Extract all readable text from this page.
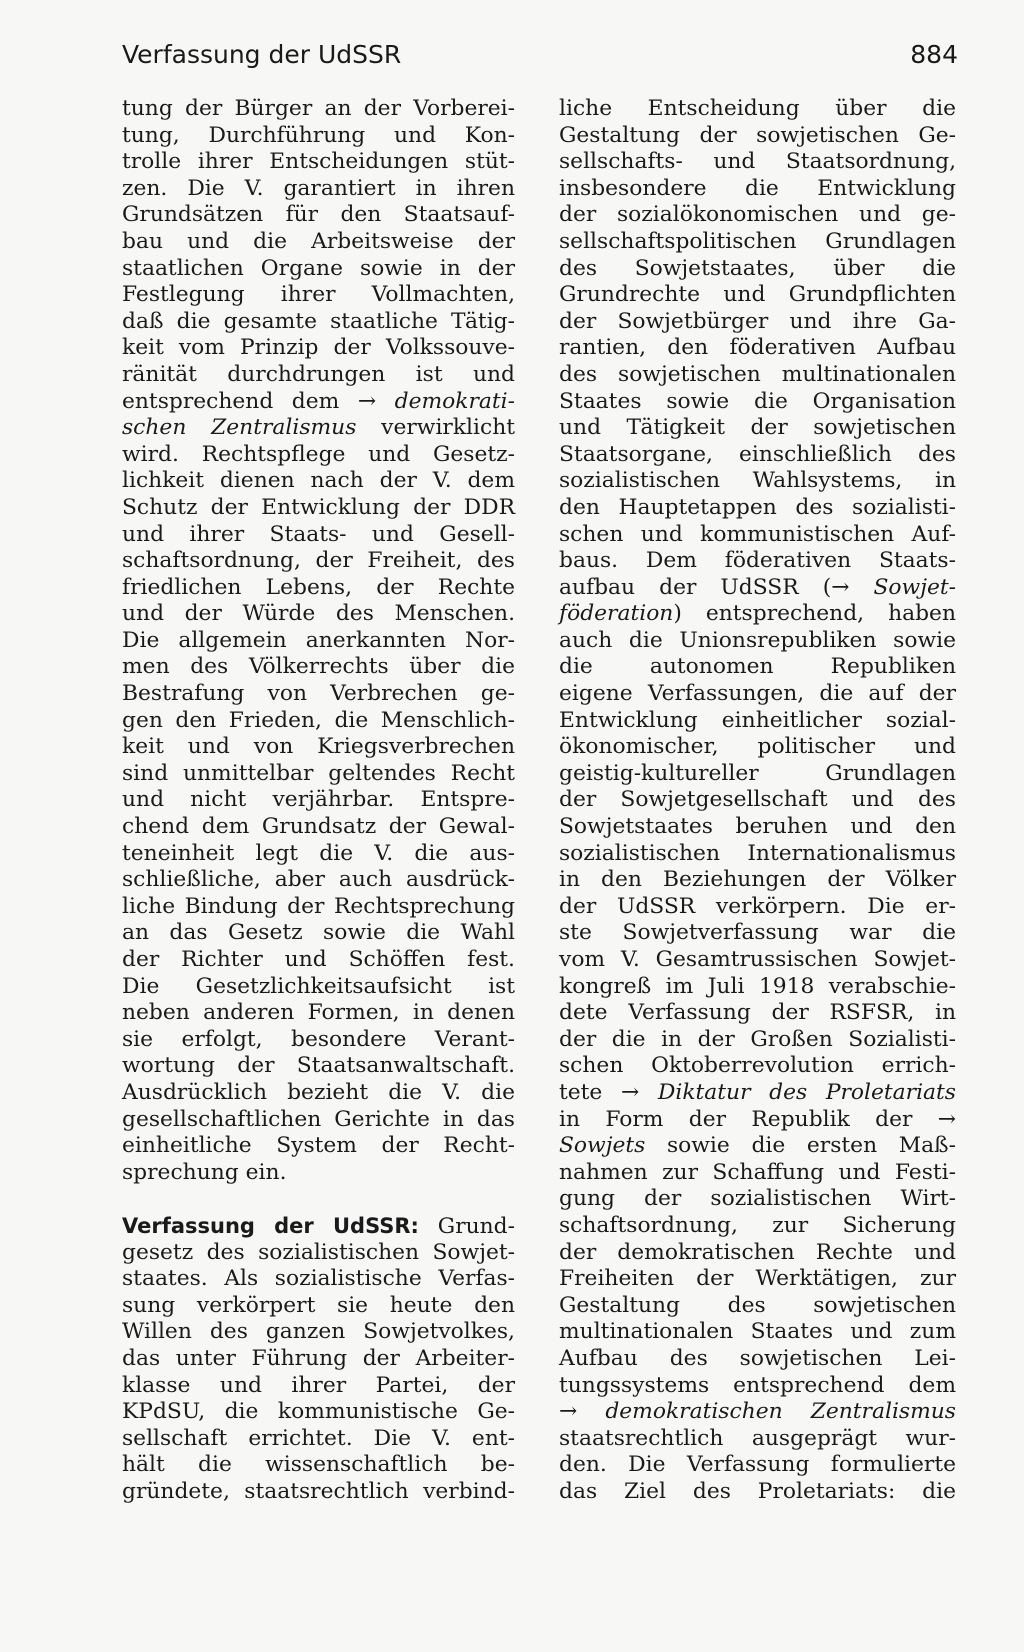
Verfassung der UdSSR	884
tung der Bürger an der Vorberei-
tung, Durchführung und Kon-
trolle ihrer Entscheidungen stüt-
zen. Die V. garantiert in ihren
Grundsätzen für den Staatsauf-
bau und die Arbeitsweise der
staatlichen Organe sowie in der
Festlegung ihrer Vollmachten,
daß die gesamte staatliche Tätig-
keit vom Prinzip der Volkssouve-
ränität durchdrungen ist und
entsprechend dem → demokrati-
schen Zentralismus verwirklicht
wird. Rechtspflege und Gesetz-
lichkeit dienen nach der V. dem
Schutz der Entwicklung der DDR
und ihrer Staats- und Gesell-
schaftsordnung, der Freiheit, des
friedlichen Lebens, der Rechte
und der Würde des Menschen.
Die allgemein anerkannten Nor-
men des Völkerrechts über die
Bestrafung von Verbrechen ge-
gen den Frieden, die Menschlich-
keit und von Kriegsverbrechen
sind unmittelbar geltendes Recht
und nicht verjährbar. Entspre-
chend dem Grundsatz der Gewal-
teneinheit legt die V. die aus-
schließliche, aber auch ausdrück-
liche Bindung der Rechtsprechung
an das Gesetz sowie die Wahl
der Richter und Schöffen fest.
Die Gesetzlichkeitsaufsicht ist
neben anderen Formen, in denen
sie erfolgt, besondere Verant-
wortung der Staatsanwaltschaft.
Ausdrücklich bezieht die V. die
gesellschaftlichen Gerichte in das
einheitliche System der Recht-
sprechung ein.
Verfassung der UdSSR: Grund-
gesetz des sozialistischen Sowjet-
staates. Als sozialistische Verfas-
sung verkörpert sie heute den
Willen des ganzen Sowjetvolkes,
das unter Führung der Arbeiter-
klasse und ihrer Partei, der
KPdSU, die kommunistische Ge-
sellschaft errichtet. Die V. ent-
hält die wissenschaftlich be-
gründete, staatsrechtlich verbind-
liche Entscheidung über die
Gestaltung der sowjetischen Ge-
sellschafts- und Staatsordnung,
insbesondere die Entwicklung
der sozialökonomischen und ge-
sellschaftspolitischen Grundlagen
des Sowjetstaates, über die
Grundrechte und Grundpflichten
der Sowjetbürger und ihre Ga-
rantien, den föderativen Aufbau
des sowjetischen multinationalen
Staates sowie die Organisation
und Tätigkeit der sowjetischen
Staatsorgane, einschließlich des
sozialistischen Wahlsystems, in
den Hauptetappen des sozialisti-
schen und kommunistischen Auf-
baus. Dem föderativen Staats-
aufbau der UdSSR (→ Sowjet-
föderation) entsprechend, haben
auch die Unionsrepubliken sowie
die autonomen Republiken
eigene Verfassungen, die auf der
Entwicklung einheitlicher sozial-
ökonomischer, politischer und
geistig-kultureller Grundlagen
der Sowjetgesellschaft und des
Sowjetstaates beruhen und den
sozialistischen Internationalismus
in den Beziehungen der Völker
der UdSSR verkörpern. Die er-
ste Sowjetverfassung war die
vom V. Gesamtrussischen Sowjet-
kongreß im Juli 1918 verabschie-
dete Verfassung der RSFSR, in
der die in der Großen Sozialisti-
schen Oktoberrevolution errich-
tete → Diktatur des Proletariats
in Form der Republik der →
Sowjets sowie die ersten Maß-
nahmen zur Schaffung und Festi-
gung der sozialistischen Wirt-
schaftsordnung, zur Sicherung
der demokratischen Rechte und
Freiheiten der Werktätigen, zur
Gestaltung des sowjetischen
multinationalen Staates und zum
Aufbau des sowjetischen Lei-
tungssystems entsprechend dem
→ demokratischen Zentralismus
staatsrechtlich ausgeprägt wur-
den. Die Verfassung formulierte
das Ziel des Proletariats: die
